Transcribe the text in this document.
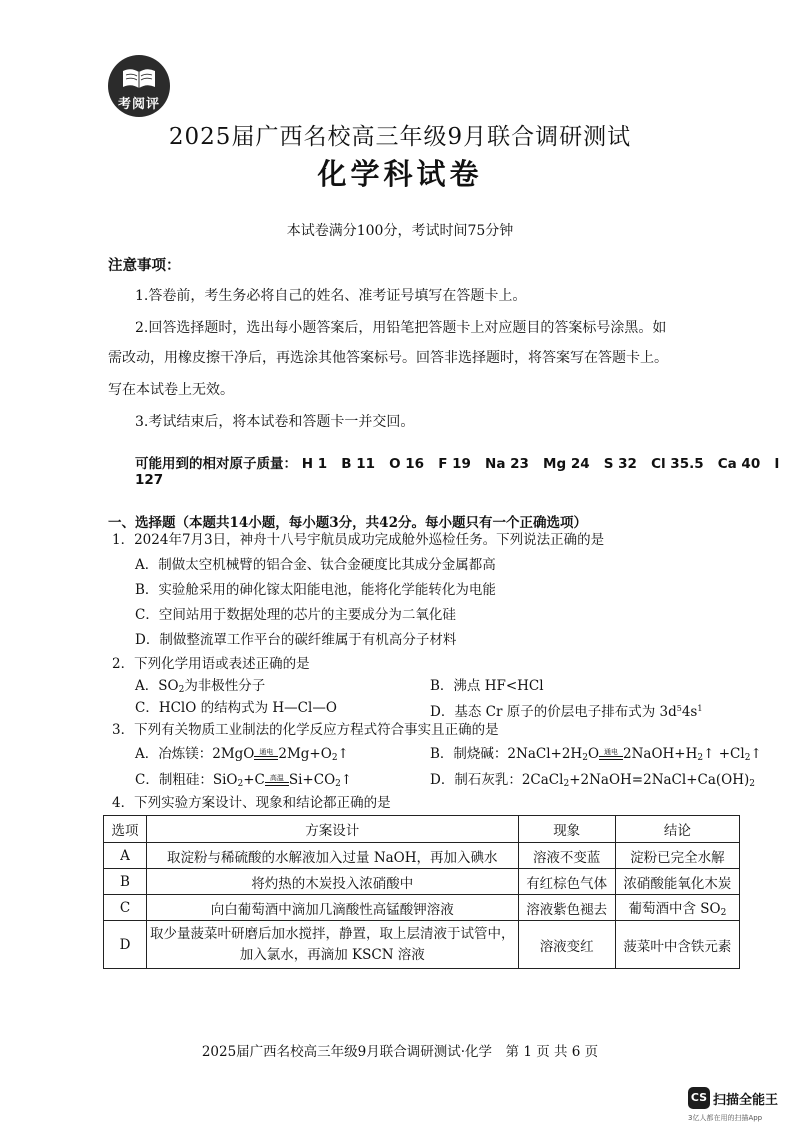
考阅评
2025届广西名校高三年级9月联合调研测试
化学科试卷
本试卷满分100分，考试时间75分钟
注意事项：
1.答卷前，考生务必将自己的姓名、准考证号填写在答题卡上。
2.回答选择题时，选出每小题答案后，用铅笔把答题卡上对应题目的答案标号涂黑。如
需改动，用橡皮擦干净后，再选涂其他答案标号。回答非选择题时，将答案写在答题卡上。
写在本试卷上无效。
3.考试结束后，将本试卷和答题卡一并交回。
可能用到的相对原子质量： H 1 B 11 O 16 F 19 Na 23 Mg 24 S 32 Cl 35.5 Ca 40 I 127
一、选择题（本题共14小题，每小题3分，共42分。每小题只有一个正确选项）
1．2024年7月3日，神舟十八号宇航员成功完成舱外巡检任务。下列说法正确的是
A．制做太空机械臂的铝合金、钛合金硬度比其成分金属都高
B．实验舱采用的砷化镓太阳能电池，能将化学能转化为电能
C．空间站用于数据处理的芯片的主要成分为二氧化硅
D．制做整流罩工作平台的碳纤维属于有机高分子材料
2．下列化学用语或表述正确的是
A．$SO_2$为非极性分子	B．沸点 HF<HCl
C．HClO 的结构式为 H—Cl—O	D．基态 Cr 原子的价层电子排布式为 $3d^54s^1$
3．下列有关物质工业制法的化学反应方程式符合事实且正确的是
A．冶炼镁：2MgO 通电 $2Mg+O_2↑$	B．制烧碱：$2NaCl+2H_2O$ 通电 $2NaOH+H_2↑$ $+Cl_2↑$
C．制粗硅：SiO$_2$+C 高温 $Si+CO_2↑$	D．制石灰乳：$2CaCl_2+2NaOH=2NaCl+Ca(OH)_2$
4．下列实验方案设计、现象和结论都正确的是
选项	方案设计	现象	结论
A	取淀粉与稀硫酸的水解液加入过量 NaOH，再加入碘水	溶液不变蓝	淀粉已完全水解
B	将灼热的木炭投入浓硝酸中	有红棕色气体	浓硝酸能氧化木炭
C	向白葡萄酒中滴加几滴酸性高锰酸钾溶液	溶液紫色褪去	葡萄酒中含 $SO_2$
D	取少量菠菜叶研磨后加水搅拌，静置，取上层清液于试管中，
加入氯水，再滴加 KSCN 溶液	溶液变红	菠菜叶中含铁元素
2025届广西名校高三年级9月联合调研测试·化学　第 1 页 共 6 页
CS 扫描全能王
3亿人都在用的扫描App
